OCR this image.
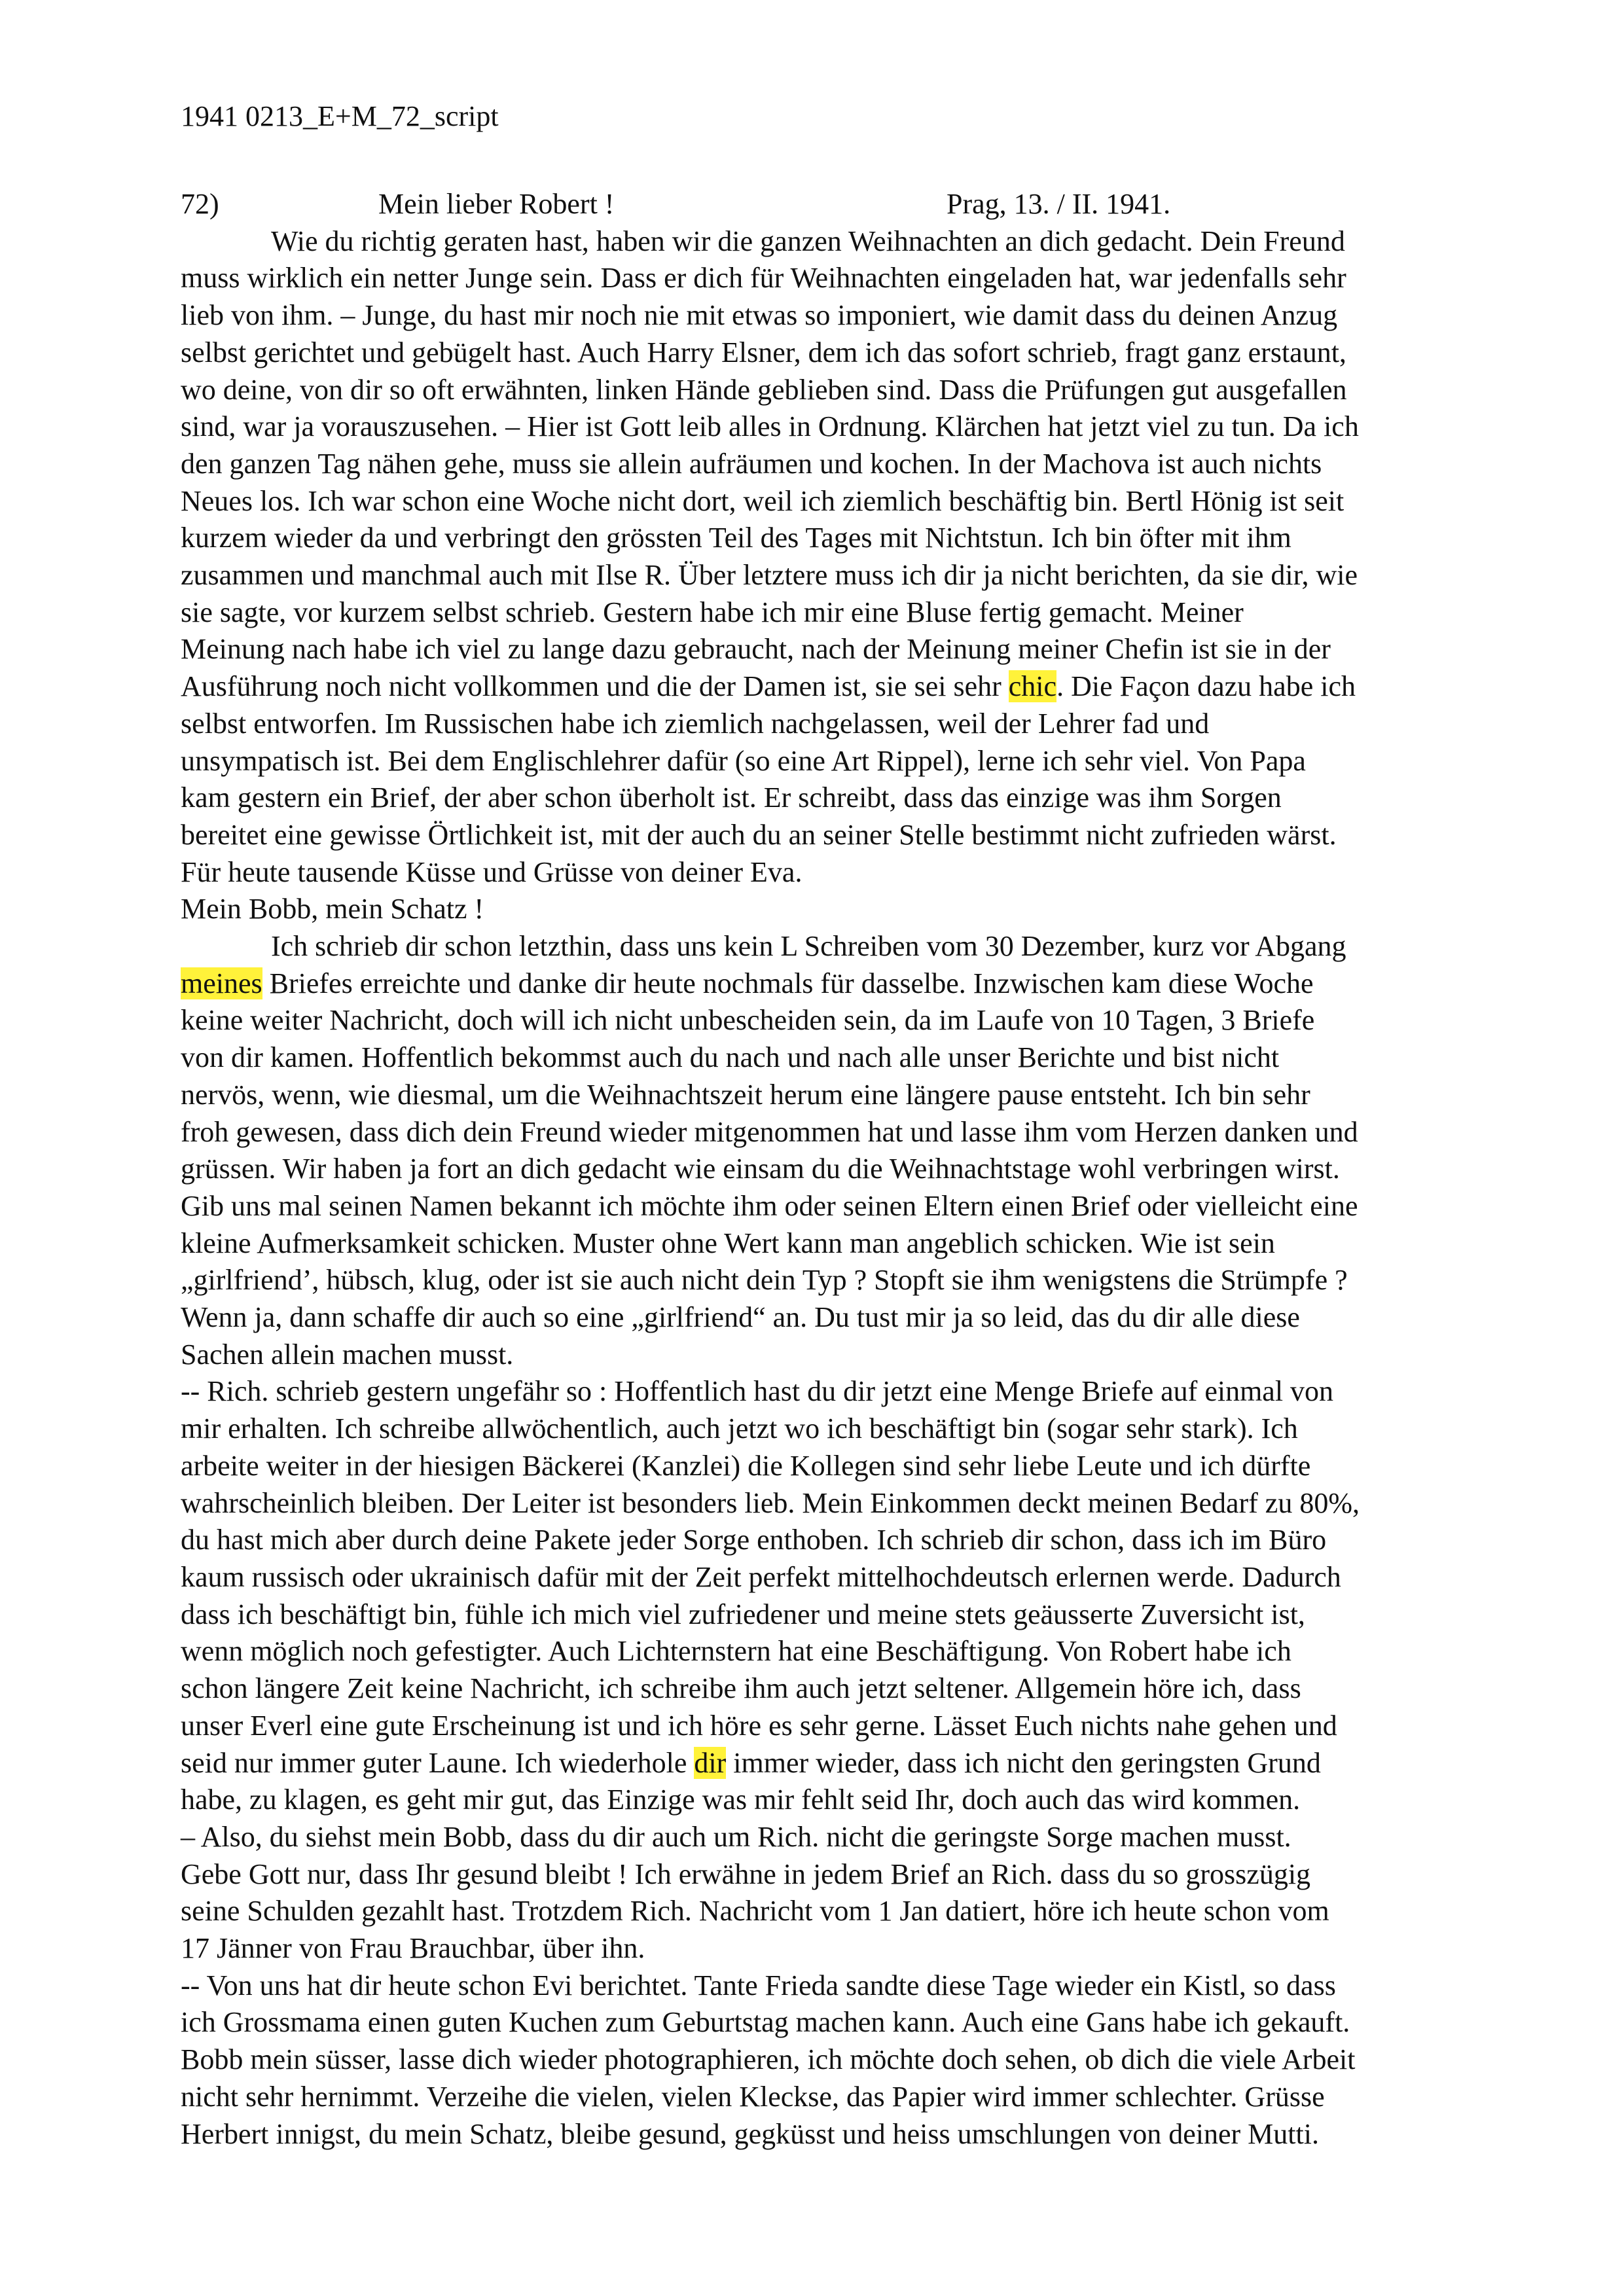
1941 0213_E+M_72_script
72)	Mein lieber Robert !	Prag, 13. / II. 1941.
Wie du richtig geraten hast, haben wir die ganzen Weihnachten an dich gedacht. Dein Freund
muss wirklich ein netter Junge sein. Dass er dich für Weihnachten eingeladen hat, war jedenfalls sehr
lieb von ihm. – Junge, du hast mir noch nie mit etwas so imponiert, wie damit dass du deinen Anzug
selbst gerichtet und gebügelt hast. Auch Harry Elsner, dem ich das sofort schrieb, fragt ganz erstaunt,
wo deine, von dir so oft erwähnten, linken Hände geblieben sind. Dass die Prüfungen gut ausgefallen
sind, war ja vorauszusehen. – Hier ist Gott leib alles in Ordnung. Klärchen hat jetzt viel zu tun. Da ich
den ganzen Tag nähen gehe, muss sie allein aufräumen und kochen. In der Machova ist auch nichts
Neues los. Ich war schon eine Woche nicht dort, weil ich ziemlich beschäftig bin. Bertl Hönig ist seit
kurzem wieder da und verbringt den grössten Teil des Tages mit Nichtstun. Ich bin öfter mit ihm
zusammen und manchmal auch mit Ilse R. Über letztere muss ich dir ja nicht berichten, da sie dir, wie
sie sagte, vor kurzem selbst schrieb. Gestern habe ich mir eine Bluse fertig gemacht. Meiner
Meinung nach habe ich viel zu lange dazu gebraucht, nach der Meinung meiner Chefin ist sie in der
Ausführung noch nicht vollkommen und die der Damen ist, sie sei sehr chic. Die Façon dazu habe ich
selbst entworfen. Im Russischen habe ich ziemlich nachgelassen, weil der Lehrer fad und
unsympatisch ist. Bei dem Englischlehrer dafür (so eine Art Rippel), lerne ich sehr viel. Von Papa
kam gestern ein Brief, der aber schon überholt ist. Er schreibt, dass das einzige was ihm Sorgen
bereitet eine gewisse Örtlichkeit ist, mit der auch du an seiner Stelle bestimmt nicht zufrieden wärst.
Für heute tausende Küsse und Grüsse von deiner Eva.
Mein Bobb, mein Schatz !
Ich schrieb dir schon letzthin, dass uns kein L Schreiben vom 30 Dezember, kurz vor Abgang
meines Briefes erreichte und danke dir heute nochmals für dasselbe. Inzwischen kam diese Woche
keine weiter Nachricht, doch will ich nicht unbescheiden sein, da im Laufe von 10 Tagen, 3 Briefe
von dir kamen. Hoffentlich bekommst auch du nach und nach alle unser Berichte und bist nicht
nervös, wenn, wie diesmal, um die Weihnachtszeit herum eine längere pause entsteht. Ich bin sehr
froh gewesen, dass dich dein Freund wieder mitgenommen hat und lasse ihm vom Herzen danken und
grüssen. Wir haben ja fort an dich gedacht wie einsam du die Weihnachtstage wohl verbringen wirst.
Gib uns mal seinen Namen bekannt ich möchte ihm oder seinen Eltern einen Brief oder vielleicht eine
kleine Aufmerksamkeit schicken. Muster ohne Wert kann man angeblich schicken. Wie ist sein
„girlfriend’, hübsch, klug, oder ist sie auch nicht dein Typ ? Stopft sie ihm wenigstens die Strümpfe ?
Wenn ja, dann schaffe dir auch so eine „girlfriend“ an. Du tust mir ja so leid, das du dir alle diese
Sachen allein machen musst.
-- Rich. schrieb gestern ungefähr so : Hoffentlich hast du dir jetzt eine Menge Briefe auf einmal von
mir erhalten. Ich schreibe allwöchentlich, auch jetzt wo ich beschäftigt bin (sogar sehr stark). Ich
arbeite weiter in der hiesigen Bäckerei (Kanzlei) die Kollegen sind sehr liebe Leute und ich dürfte
wahrscheinlich bleiben. Der Leiter ist besonders lieb. Mein Einkommen deckt meinen Bedarf zu 80%,
du hast mich aber durch deine Pakete jeder Sorge enthoben. Ich schrieb dir schon, dass ich im Büro
kaum russisch oder ukrainisch dafür mit der Zeit perfekt mittelhochdeutsch erlernen werde. Dadurch
dass ich beschäftigt bin, fühle ich mich viel zufriedener und meine stets geäusserte Zuversicht ist,
wenn möglich noch gefestigter. Auch Lichternstern hat eine Beschäftigung. Von Robert habe ich
schon längere Zeit keine Nachricht, ich schreibe ihm auch jetzt seltener. Allgemein höre ich, dass
unser Everl eine gute Erscheinung ist und ich höre es sehr gerne. Lässet Euch nichts nahe gehen und
seid nur immer guter Laune. Ich wiederhole dir immer wieder, dass ich nicht den geringsten Grund
habe, zu klagen, es geht mir gut, das Einzige was mir fehlt seid Ihr, doch auch das wird kommen.
– Also, du siehst mein Bobb, dass du dir auch um Rich. nicht die geringste Sorge machen musst.
Gebe Gott nur, dass Ihr gesund bleibt ! Ich erwähne in jedem Brief an Rich. dass du so grosszügig
seine Schulden gezahlt hast. Trotzdem Rich. Nachricht vom 1 Jan datiert, höre ich heute schon vom
17 Jänner von Frau Brauchbar, über ihn.
-- Von uns hat dir heute schon Evi berichtet. Tante Frieda sandte diese Tage wieder ein Kistl, so dass
ich Grossmama einen guten Kuchen zum Geburtstag machen kann. Auch eine Gans habe ich gekauft.
Bobb mein süsser, lasse dich wieder photographieren, ich möchte doch sehen, ob dich die viele Arbeit
nicht sehr hernimmt. Verzeihe die vielen, vielen Kleckse, das Papier wird immer schlechter. Grüsse
Herbert innigst, du mein Schatz, bleibe gesund, gegküsst und heiss umschlungen von deiner Mutti.
